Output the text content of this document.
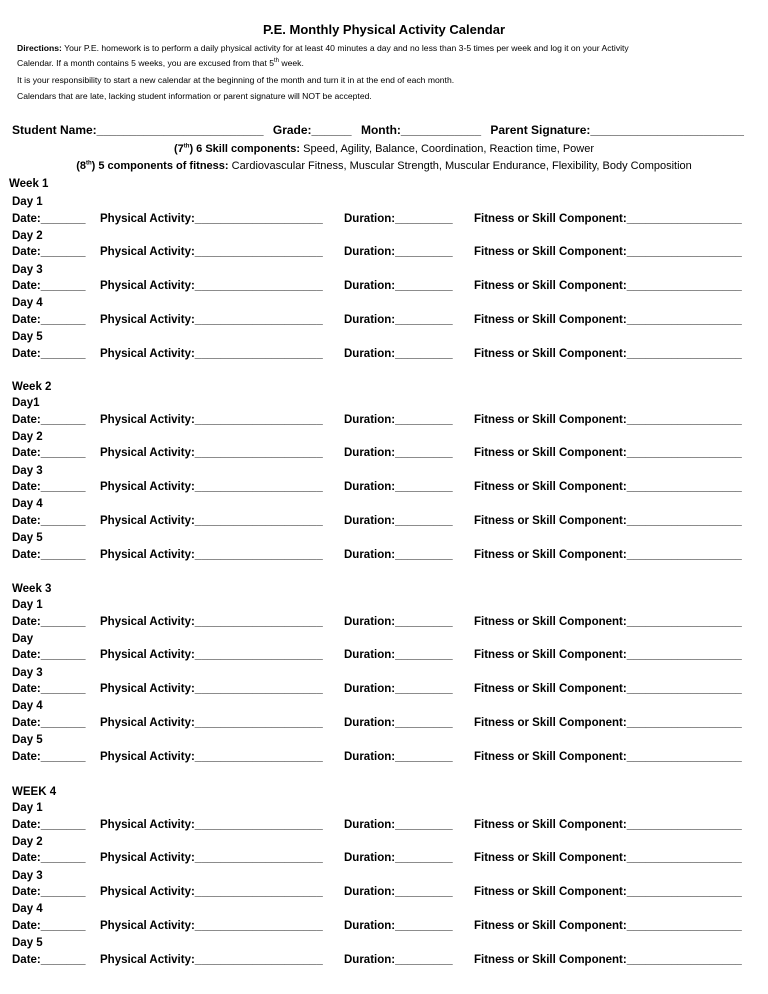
P.E. Monthly Physical Activity Calendar
Directions: Your P.E. homework is to perform a daily physical activity for at least 40 minutes a day and no less than 3-5 times per week and log it on your Activity
Calendar. If a month contains 5 weeks, you are excused from that 5th week.
It is your responsibility to start a new calendar at the beginning of the month and turn it in at the end of each month.
Calendars that are late, lacking student information or parent signature will NOT be accepted.
Student Name:_________________________ Grade:______ Month:____________ Parent Signature:_______________________
(7th) 6 Skill components: Speed, Agility, Balance, Coordination, Reaction time, Power
(8th) 5 components of fitness: Cardiovascular Fitness, Muscular Strength, Muscular Endurance, Flexibility, Body Composition
Week 1
Day 1
Date:_______ Physical Activity:____________________ Duration:_________ Fitness or Skill Component:__________________
Day 2
Date:_______ Physical Activity:____________________ Duration:_________ Fitness or Skill Component:__________________
Day 3
Date:_______ Physical Activity:____________________ Duration:_________ Fitness or Skill Component:__________________
Day 4
Date:_______ Physical Activity:____________________ Duration:_________ Fitness or Skill Component:__________________
Day 5
Date:_______ Physical Activity:____________________ Duration:_________ Fitness or Skill Component:__________________
Week 2
Day1
Date:_______ Physical Activity:____________________ Duration:_________ Fitness or Skill Component:__________________
Day 2
Date:_______ Physical Activity:____________________ Duration:_________ Fitness or Skill Component:__________________
Day 3
Date:_______ Physical Activity:____________________ Duration:_________ Fitness or Skill Component:__________________
Day 4
Date:_______ Physical Activity:____________________ Duration:_________ Fitness or Skill Component:__________________
Day 5
Date:_______ Physical Activity:____________________ Duration:_________ Fitness or Skill Component:__________________
Week 3
Day 1
Date:_______ Physical Activity:____________________ Duration:_________ Fitness or Skill Component:__________________
Day
Date:_______ Physical Activity:____________________ Duration:_________ Fitness or Skill Component:__________________
Day 3
Date:_______ Physical Activity:____________________ Duration:_________ Fitness or Skill Component:__________________
Day 4
Date:_______ Physical Activity:____________________ Duration:_________ Fitness or Skill Component:__________________
Day 5
Date:_______ Physical Activity:____________________ Duration:_________ Fitness or Skill Component:__________________
WEEK 4
Day 1
Date:_______ Physical Activity:____________________ Duration:_________ Fitness or Skill Component:__________________
Day 2
Date:_______ Physical Activity:____________________ Duration:_________ Fitness or Skill Component:__________________
Day 3
Date:_______ Physical Activity:____________________ Duration:_________ Fitness or Skill Component:__________________
Day 4
Date:_______ Physical Activity:____________________ Duration:_________ Fitness or Skill Component:__________________
Day 5
Date:_______ Physical Activity:____________________ Duration:_________ Fitness or Skill Component:__________________
